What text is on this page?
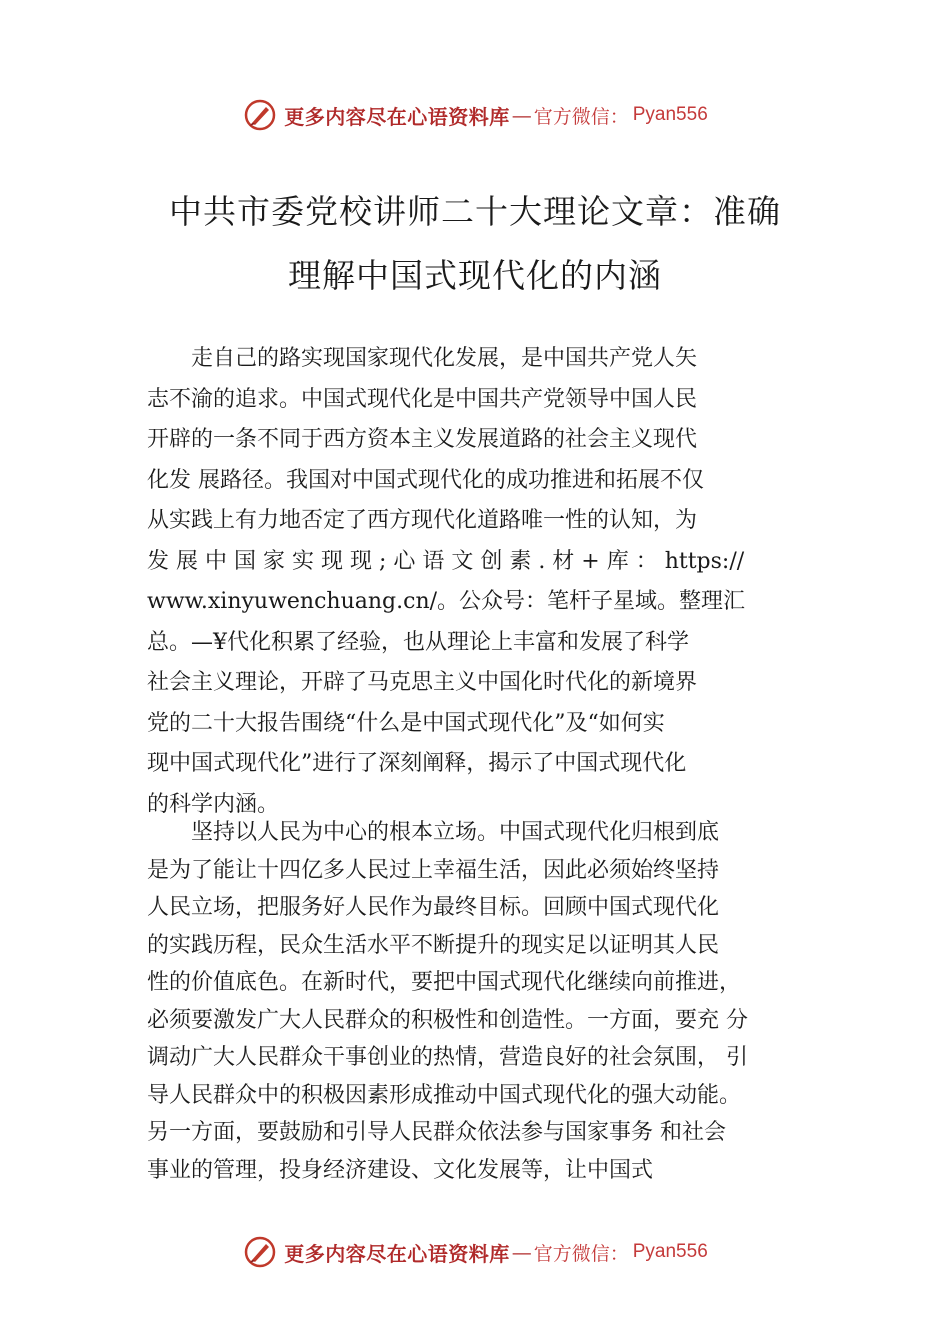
更多内容尽在心语资料库 — 官方微信： Pyan556
中共市委党校讲师二十大理论文章：准确
理解中国式现代化的内涵
　　走自己的路实现国家现代化发展，是中国共产党人矢
志不渝的追求。中国式现代化是中国共产党领导中国人民
开辟的一条不同于西方资本主义发展道路的社会主义现代
化发 展路径。我国对中国式现代化的成功推进和拓展不仅
从实践上有力地否定了西方现代化道路唯一性的认知，为
发 展 中 国 家 实 现 现 ; 心 语 文 创 素 . 材 + 库 ： https://
www.xinyuwenchuang.cn/。公众号：笔杆子星域。整理汇
总。—¥代化积累了经验，也从理论上丰富和发展了科学
社会主义理论，开辟了马克思主义中国化时代化的新境界
党的二十大报告围绕“什么是中国式现代化”及“如何实
现中国式现代化”进行了深刻阐释，揭示了中国式现代化
的科学内涵。
　　坚持以人民为中心的根本立场。中国式现代化归根到底
是为了能让十四亿多人民过上幸福生活，因此必须始终坚持
人民立场，把服务好人民作为最终目标。回顾中国式现代化
的实践历程，民众生活水平不断提升的现实足以证明其人民
性的价值底色。在新时代，要把中国式现代化继续向前推进，
必须要激发广大人民群众的积极性和创造性。一方面，要充 分
调动广大人民群众干事创业的热情，营造良好的社会氛围， 引
导人民群众中的积极因素形成推动中国式现代化的强大动能。
另一方面，要鼓励和引导人民群众依法参与国家事务 和社会
事业的管理，投身经济建设、文化发展等，让中国式
更多内容尽在心语资料库 — 官方微信： Pyan556
